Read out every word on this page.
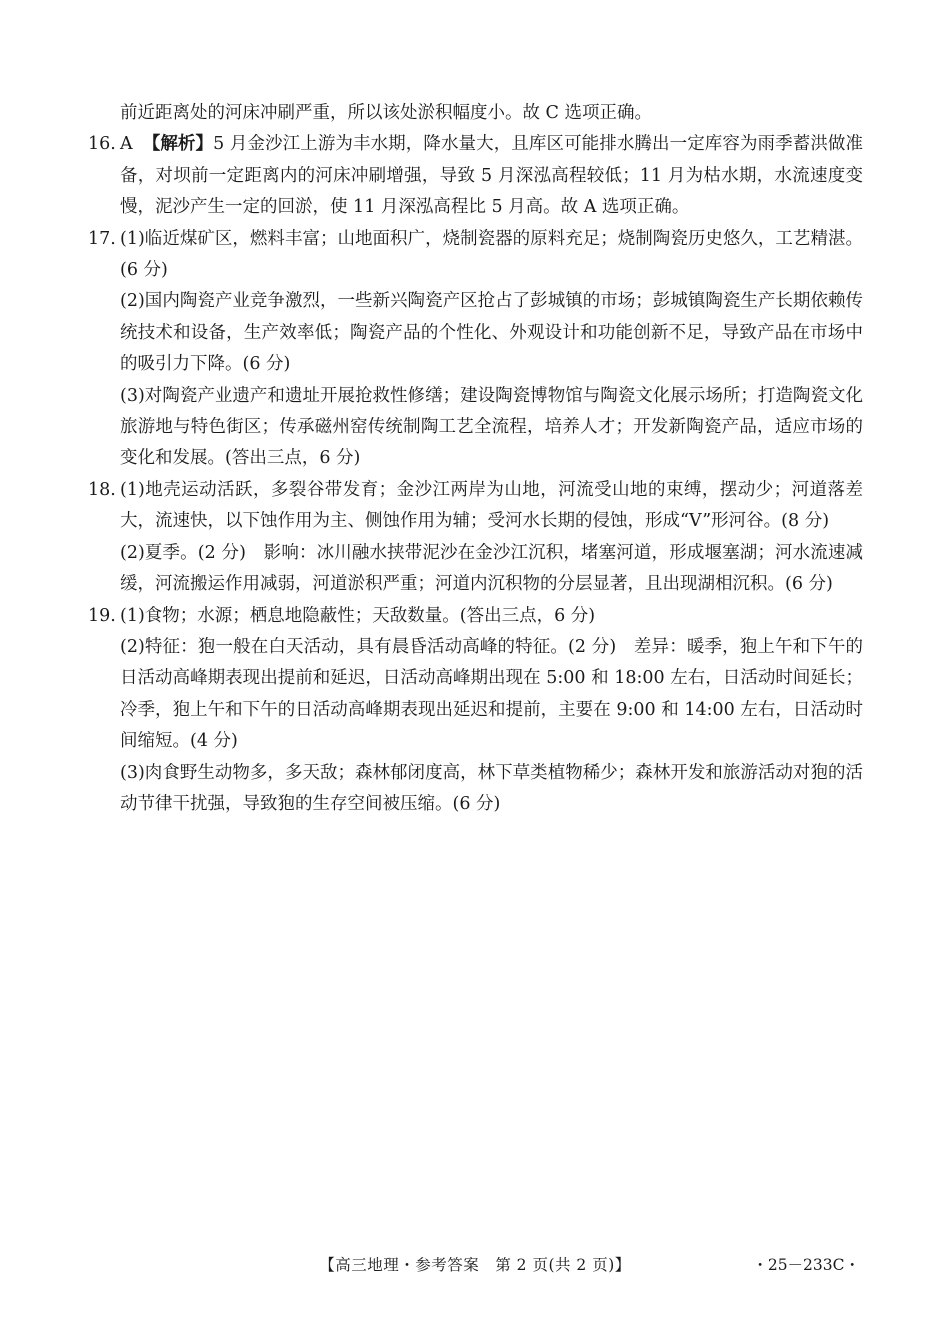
前近距离处的河床冲刷严重，所以该处淤积幅度小。故 C 选项正确。

16. A 【解析】5 月金沙江上游为丰水期，降水量大，且库区可能排水腾出一定库容为雨季蓄洪做准备，对坝前一定距离内的河床冲刷增强，导致 5 月深泓高程较低；11 月为枯水期，水流速度变慢，泥沙产生一定的回淤，使 11 月深泓高程比 5 月高。故 A 选项正确。
17. (1)临近煤矿区，燃料丰富；山地面积广，烧制瓷器的原料充足；烧制陶瓷历史悠久，工艺精湛。(6 分)

(2)国内陶瓷产业竞争激烈，一些新兴陶瓷产区抢占了彭城镇的市场；彭城镇陶瓷生产长期依赖传统技术和设备，生产效率低；陶瓷产品的个性化、外观设计和功能创新不足，导致产品在市场中的吸引力下降。(6 分)

(3)对陶瓷产业遗产和遗址开展抢救性修缮；建设陶瓷博物馆与陶瓷文化展示场所；打造陶瓷文化旅游地与特色街区；传承磁州窑传统制陶工艺全流程，培养人才；开发新陶瓷产品，适应市场的变化和发展。(答出三点，6 分)

18. (1)地壳运动活跃，多裂谷带发育；金沙江两岸为山地，河流受山地的束缚，摆动少；河道落差大，流速快，以下蚀作用为主、侧蚀作用为辅；受河水长期的侵蚀，形成“V”形河谷。(8 分)

(2)夏季。(2 分)　影响：冰川融水挟带泥沙在金沙江沉积，堵塞河道，形成堰塞湖；河水流速减缓，河流搬运作用减弱，河道淤积严重；河道内沉积物的分层显著，且出现湖相沉积。(6 分)

19. (1)食物；水源；栖息地隐蔽性；天敌数量。(答出三点，6 分)

(2)特征：狍一般在白天活动，具有晨昏活动高峰的特征。(2 分)　差异：暖季，狍上午和下午的日活动高峰期表现出提前和延迟，日活动高峰期出现在 5:00 和 18:00 左右，日活动时间延长；冷季，狍上午和下午的日活动高峰期表现出延迟和提前，主要在 9:00 和 14:00 左右，日活动时间缩短。(4 分)

(3)肉食野生动物多，多天敌；森林郁闭度高，林下草类植物稀少；森林开发和旅游活动对狍的活动节律干扰强，导致狍的生存空间被压缩。(6 分)

【高三地理・参考答案　第 2 页(共 2 页)】	・25－233C・
